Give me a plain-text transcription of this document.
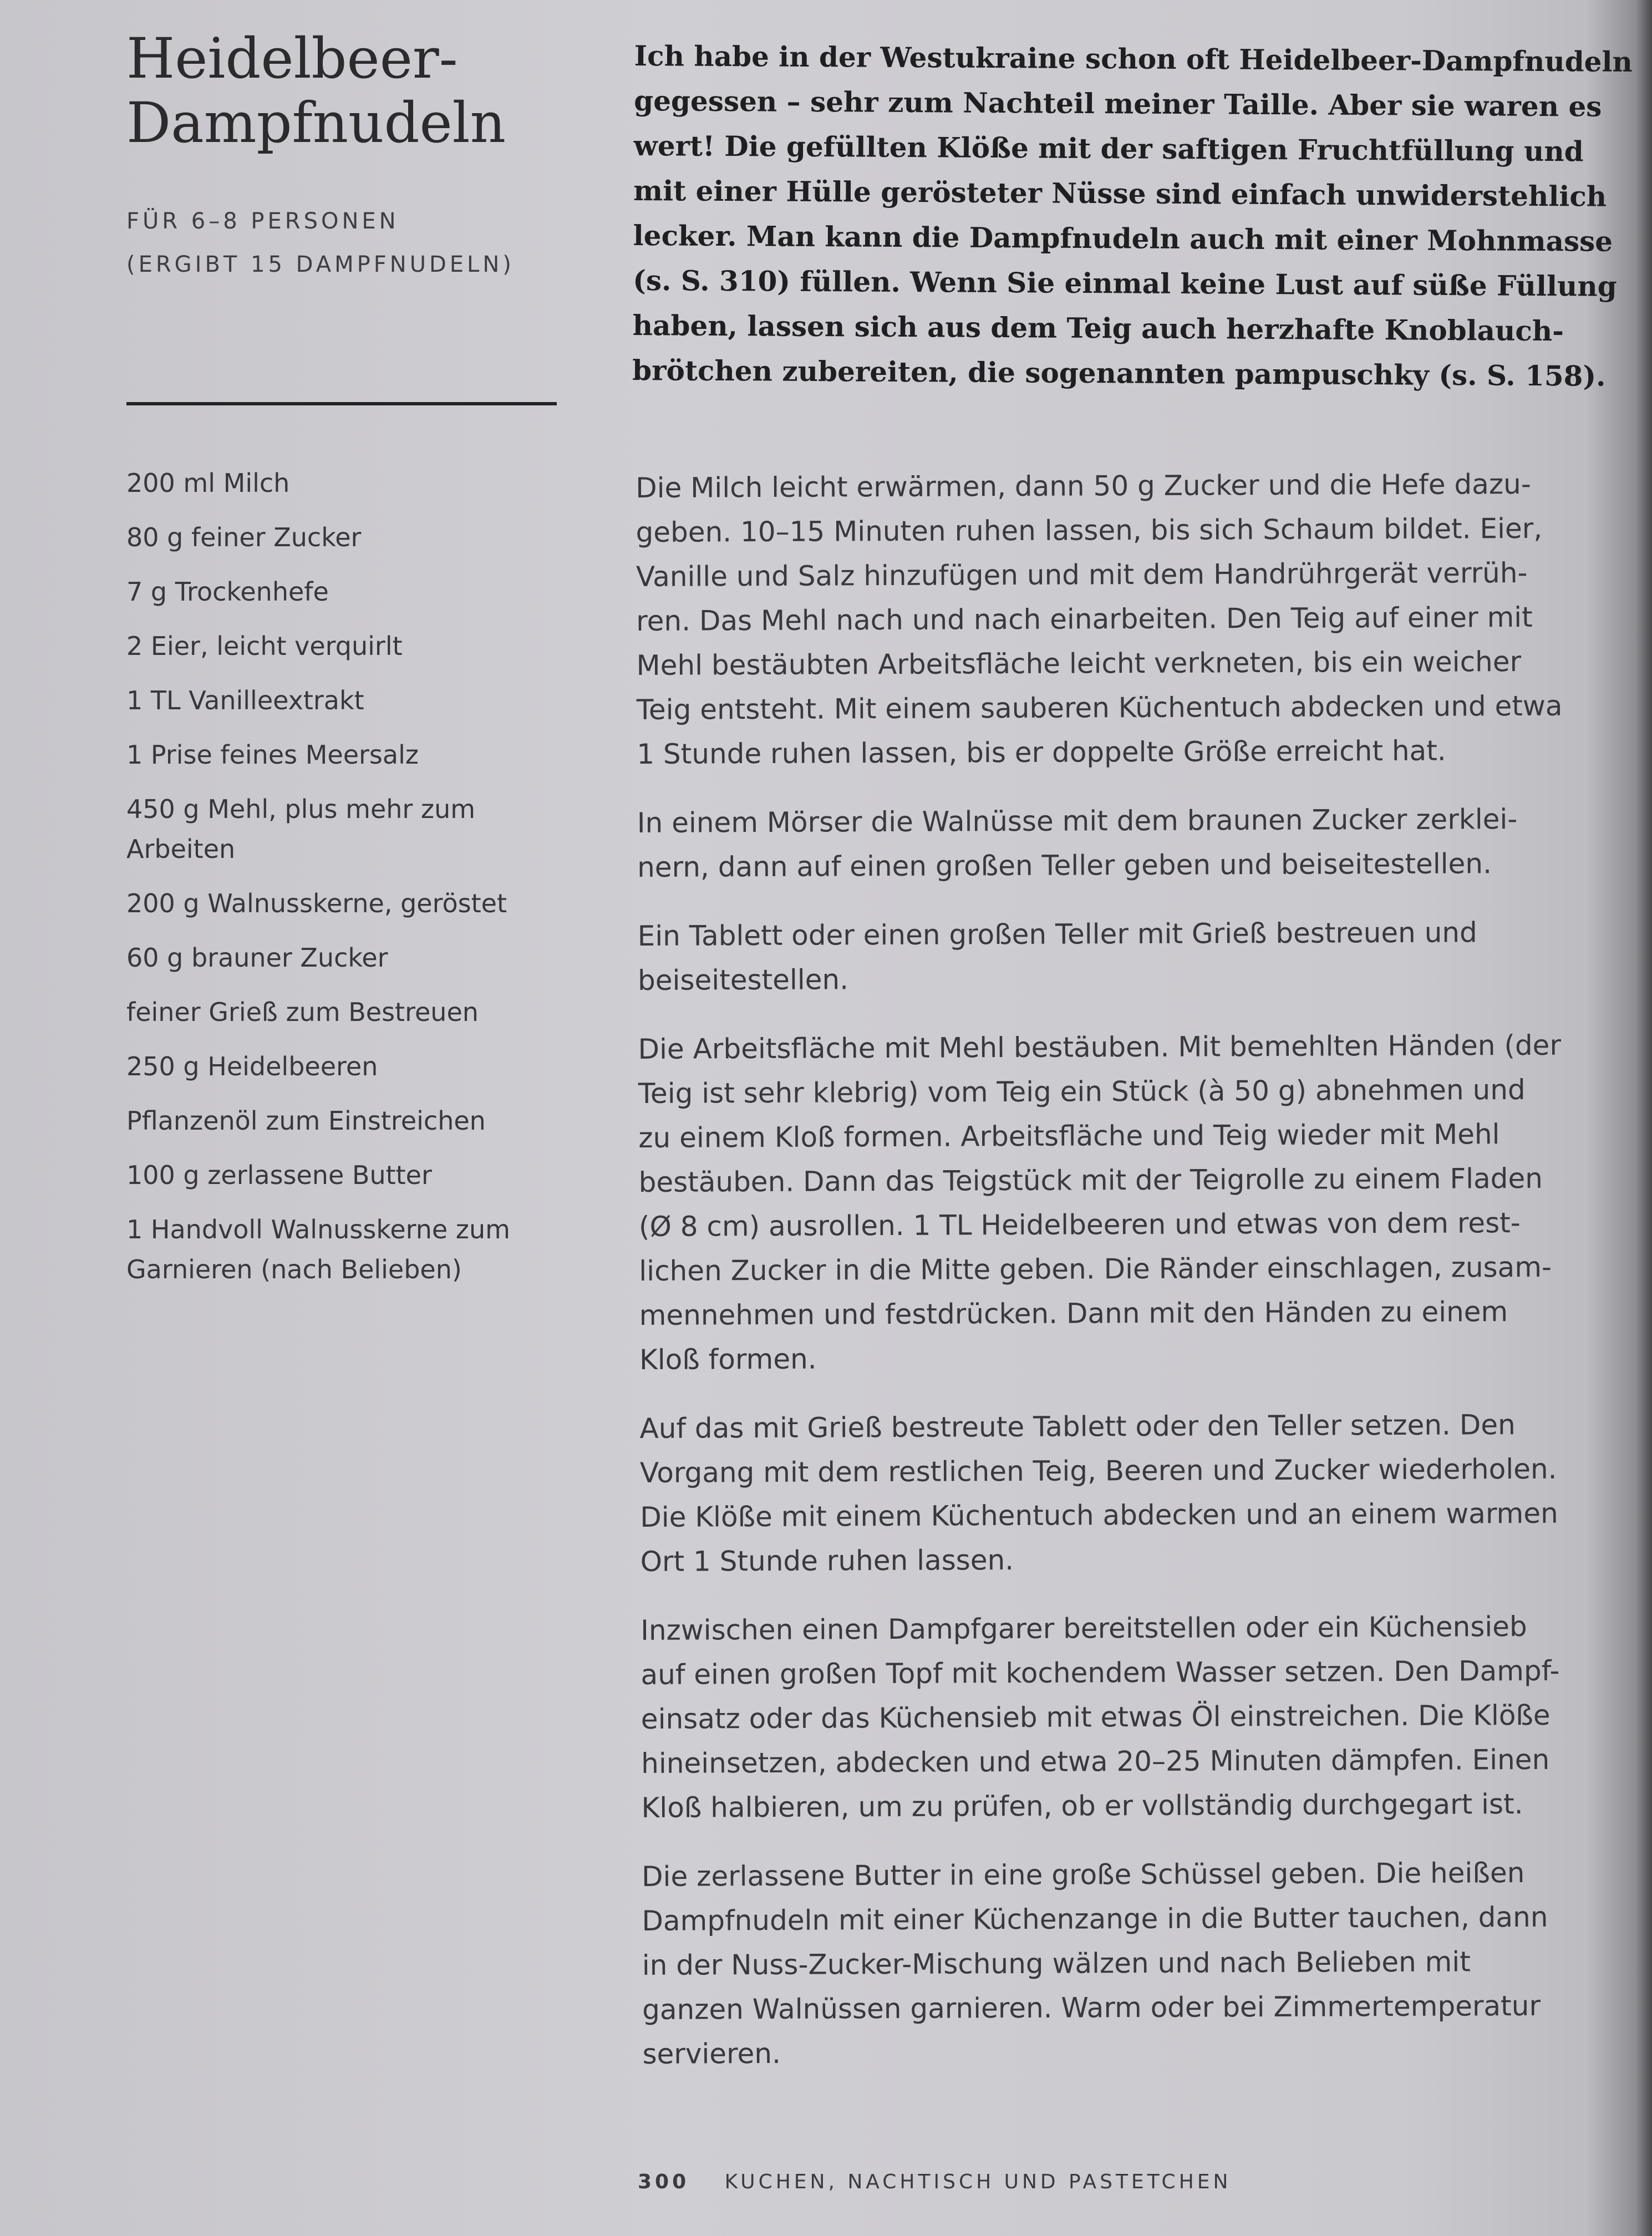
Heidelbeer-
Dampfnudeln
FÜR 6–8 PERSONEN
(ERGIBT 15 DAMPFNUDELN)
200 ml Milch
80 g feiner Zucker
7 g Trockenhefe
2 Eier, leicht verquirlt
1 TL Vanilleextrakt
1 Prise feines Meersalz
450 g Mehl, plus mehr zum Arbeiten
200 g Walnusskerne, geröstet
60 g brauner Zucker
feiner Grieß zum Bestreuen
250 g Heidelbeeren
Pflanzenöl zum Einstreichen
100 g zerlassene Butter
1 Handvoll Walnusskerne zum Garnieren (nach Belieben)
Ich habe in der Westukraine schon oft Heidelbeer-Dampfnudeln
gegessen – sehr zum Nachteil meiner Taille. Aber sie waren es
wert! Die gefüllten Klöße mit der saftigen Fruchtfüllung und
mit einer Hülle gerösteter Nüsse sind einfach unwiderstehlich
lecker. Man kann die Dampfnudeln auch mit einer Mohnmasse
(s. S. 310) füllen. Wenn Sie einmal keine Lust auf süße Füllung
haben, lassen sich aus dem Teig auch herzhafte Knoblauch-
brötchen zubereiten, die sogenannten pampuschky (s. S. 158).
Die Milch leicht erwärmen, dann 50 g Zucker und die Hefe dazu-
geben. 10–15 Minuten ruhen lassen, bis sich Schaum bildet. Eier,
Vanille und Salz hinzufügen und mit dem Handrührgerät verrüh-
ren. Das Mehl nach und nach einarbeiten. Den Teig auf einer mit
Mehl bestäubten Arbeitsfläche leicht verkneten, bis ein weicher
Teig entsteht. Mit einem sauberen Küchentuch abdecken und etwa
1 Stunde ruhen lassen, bis er doppelte Größe erreicht hat.
In einem Mörser die Walnüsse mit dem braunen Zucker zerklei-
nern, dann auf einen großen Teller geben und beiseitestellen.
Ein Tablett oder einen großen Teller mit Grieß bestreuen und
beiseitestellen.
Die Arbeitsfläche mit Mehl bestäuben. Mit bemehlten Händen (der
Teig ist sehr klebrig) vom Teig ein Stück (à 50 g) abnehmen und
zu einem Kloß formen. Arbeitsfläche und Teig wieder mit Mehl
bestäuben. Dann das Teigstück mit der Teigrolle zu einem Fladen
(Ø 8 cm) ausrollen. 1 TL Heidelbeeren und etwas von dem rest-
lichen Zucker in die Mitte geben. Die Ränder einschlagen, zusam-
mennehmen und festdrücken. Dann mit den Händen zu einem
Kloß formen.
Auf das mit Grieß bestreute Tablett oder den Teller setzen. Den
Vorgang mit dem restlichen Teig, Beeren und Zucker wiederholen.
Die Klöße mit einem Küchentuch abdecken und an einem warmen
Ort 1 Stunde ruhen lassen.
Inzwischen einen Dampfgarer bereitstellen oder ein Küchensieb
auf einen großen Topf mit kochendem Wasser setzen. Den Dampf-
einsatz oder das Küchensieb mit etwas Öl einstreichen. Die Klöße
hineinsetzen, abdecken und etwa 20–25 Minuten dämpfen. Einen
Kloß halbieren, um zu prüfen, ob er vollständig durchgegart ist.
Die zerlassene Butter in eine große Schüssel geben. Die heißen
Dampfnudeln mit einer Küchenzange in die Butter tauchen, dann
in der Nuss-Zucker-Mischung wälzen und nach Belieben mit
ganzen Walnüssen garnieren. Warm oder bei Zimmertemperatur
servieren.
300 KUCHEN, NACHTISCH UND PASTETCHEN
